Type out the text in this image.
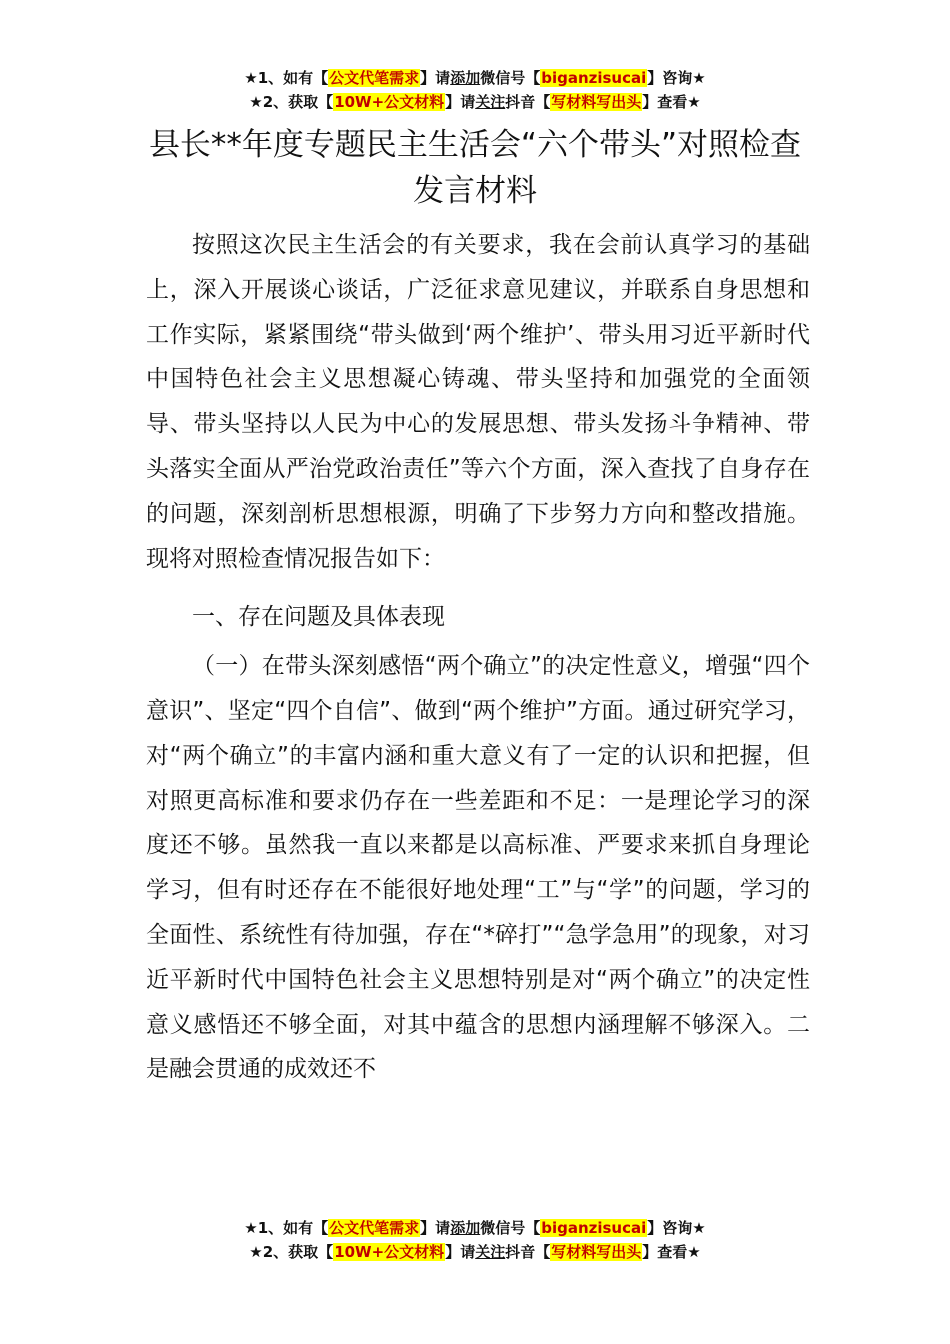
★1、如有【公文代笔需求】请添加微信号【biganzisucai】咨询★
★2、获取【10W+公文材料】请关注抖音【写材料写出头】查看★
县长**年度专题民主生活会“六个带头”对照检查发言材料

按照这次民主生活会的有关要求，我在会前认真学习的基础上，深入开展谈心谈话，广泛征求意见建议，并联系自身思想和工作实际，紧紧围绕“带头做到‘两个维护’、带头用习近平新时代中国特色社会主义思想凝心铸魂、带头坚持和加强党的全面领导、带头坚持以人民为中心的发展思想、带头发扬斗争精神、带头落实全面从严治党政治责任”等六个方面，深入查找了自身存在的问题，深刻剖析思想根源，明确了下步努力方向和整改措施。现将对照检查情况报告如下：

一、存在问题及具体表现

（一）在带头深刻感悟“两个确立”的决定性意义，增强“四个意识”、坚定“四个自信”、做到“两个维护”方面。通过研究学习，对“两个确立”的丰富内涵和重大意义有了一定的认识和把握，但对照更高标准和要求仍存在一些差距和不足：一是理论学习的深度还不够。虽然我一直以来都是以高标准、严要求来抓自身理论学习，但有时还存在不能很好地处理“工”与“学”的问题，学习的全面性、系统性有待加强，存在“*碎打”“急学急用”的现象，对习近平新时代中国特色社会主义思想特别是对“两个确立”的决定性意义感悟还不够全面，对其中蕴含的思想内涵理解不够深入。二是融会贯通的成效还不

★1、如有【公文代笔需求】请添加微信号【biganzisucai】咨询★
★2、获取【10W+公文材料】请关注抖音【写材料写出头】查看★
